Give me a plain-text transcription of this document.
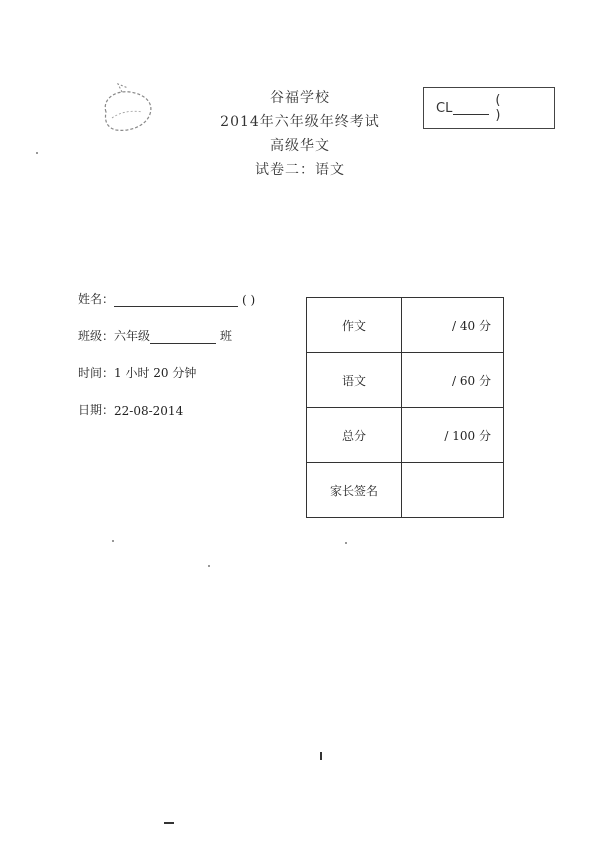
谷福学校
2014年六年级年终考试
高级华文
试卷二：语文
CL	( )
姓名：	( )
班级：六年级	班
时间： 1 小时 20 分钟
日期： 22-08-2014
作文	/ 40 分
语文	/ 60 分
总分	/ 100 分
家长签名	
